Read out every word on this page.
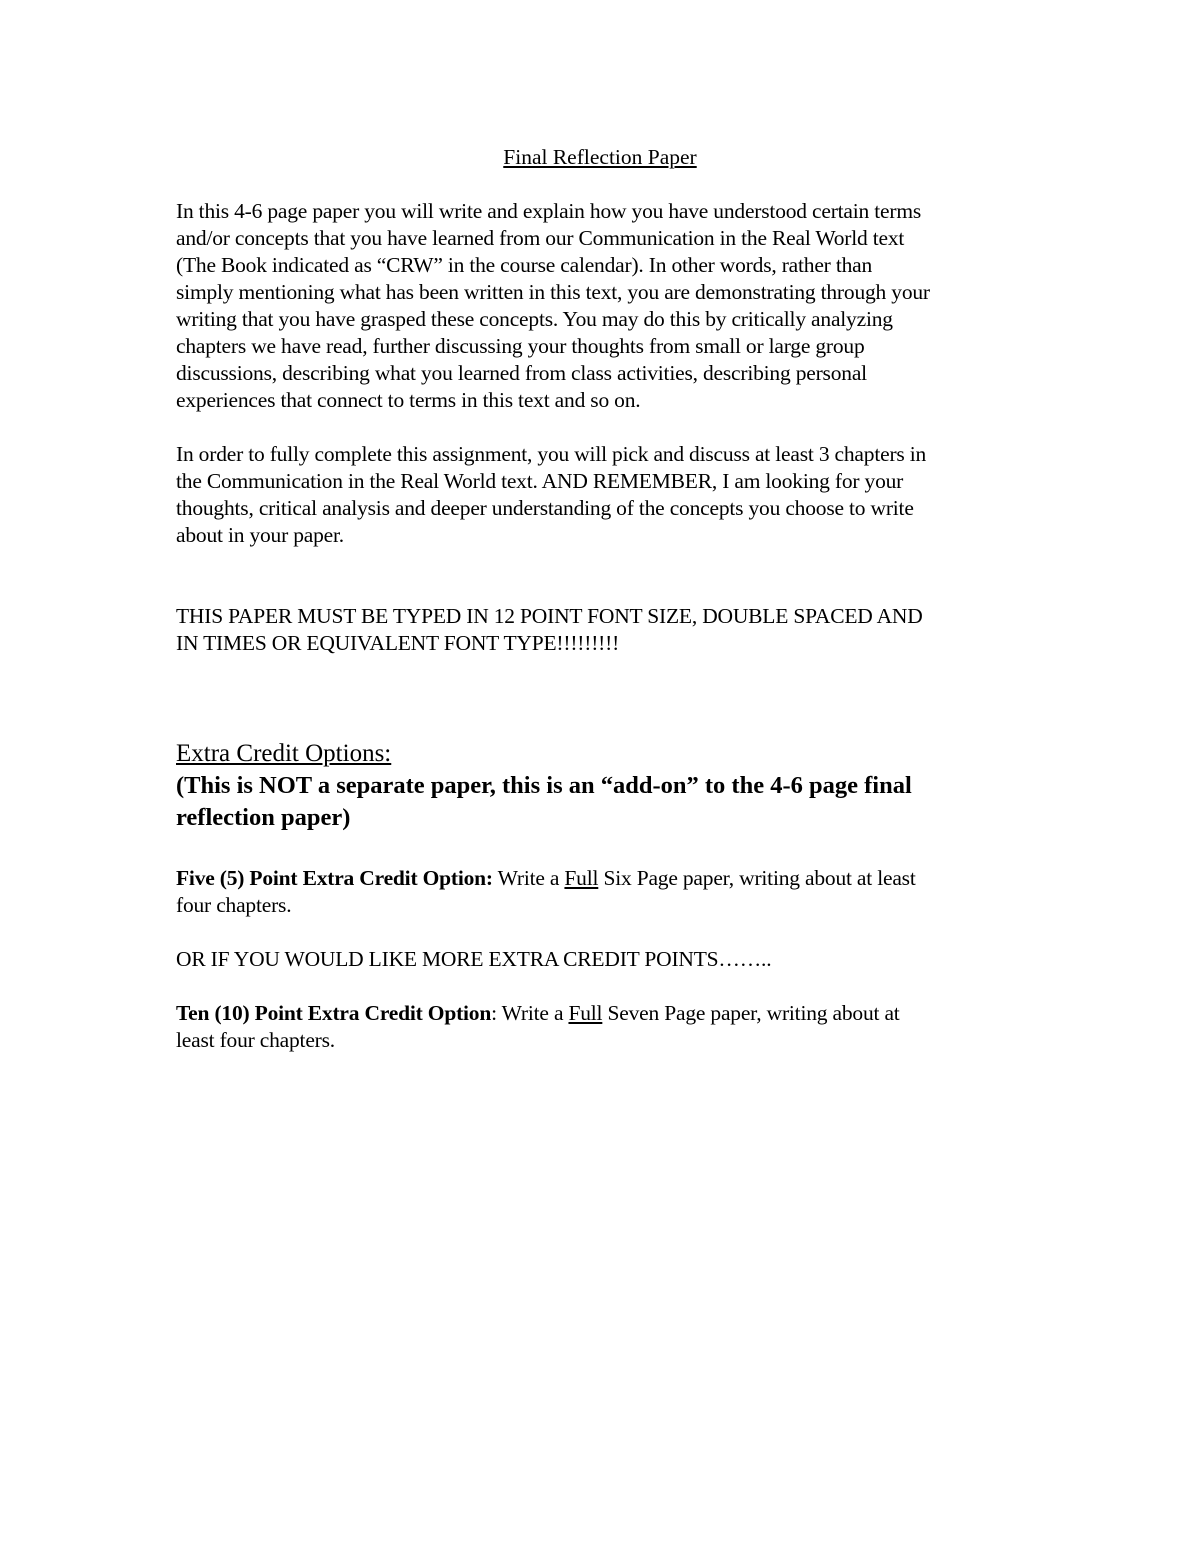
Final Reflection Paper
In this 4-6 page paper you will write and explain how you have understood certain terms
and/or concepts that you have learned from our Communication in the Real World text
(The Book indicated as “CRW” in the course calendar). In other words, rather than
simply mentioning what has been written in this text, you are demonstrating through your
writing that you have grasped these concepts. You may do this by critically analyzing
chapters we have read, further discussing your thoughts from small or large group
discussions, describing what you learned from class activities, describing personal
experiences that connect to terms in this text and so on.
In order to fully complete this assignment, you will pick and discuss at least 3 chapters in
the Communication in the Real World text. AND REMEMBER, I am looking for your
thoughts, critical analysis and deeper understanding of the concepts you choose to write
about in your paper.
THIS PAPER MUST BE TYPED IN 12 POINT FONT SIZE, DOUBLE SPACED AND
IN TIMES OR EQUIVALENT FONT TYPE!!!!!!!!!
Extra Credit Options:
(This is NOT a separate paper, this is an “add-on” to the 4-6 page final
reflection paper)
Five (5) Point Extra Credit Option: Write a Full Six Page paper, writing about at least
four chapters.
OR IF YOU WOULD LIKE MORE EXTRA CREDIT POINTS……..
Ten (10) Point Extra Credit Option: Write a Full Seven Page paper, writing about at
least four chapters.
